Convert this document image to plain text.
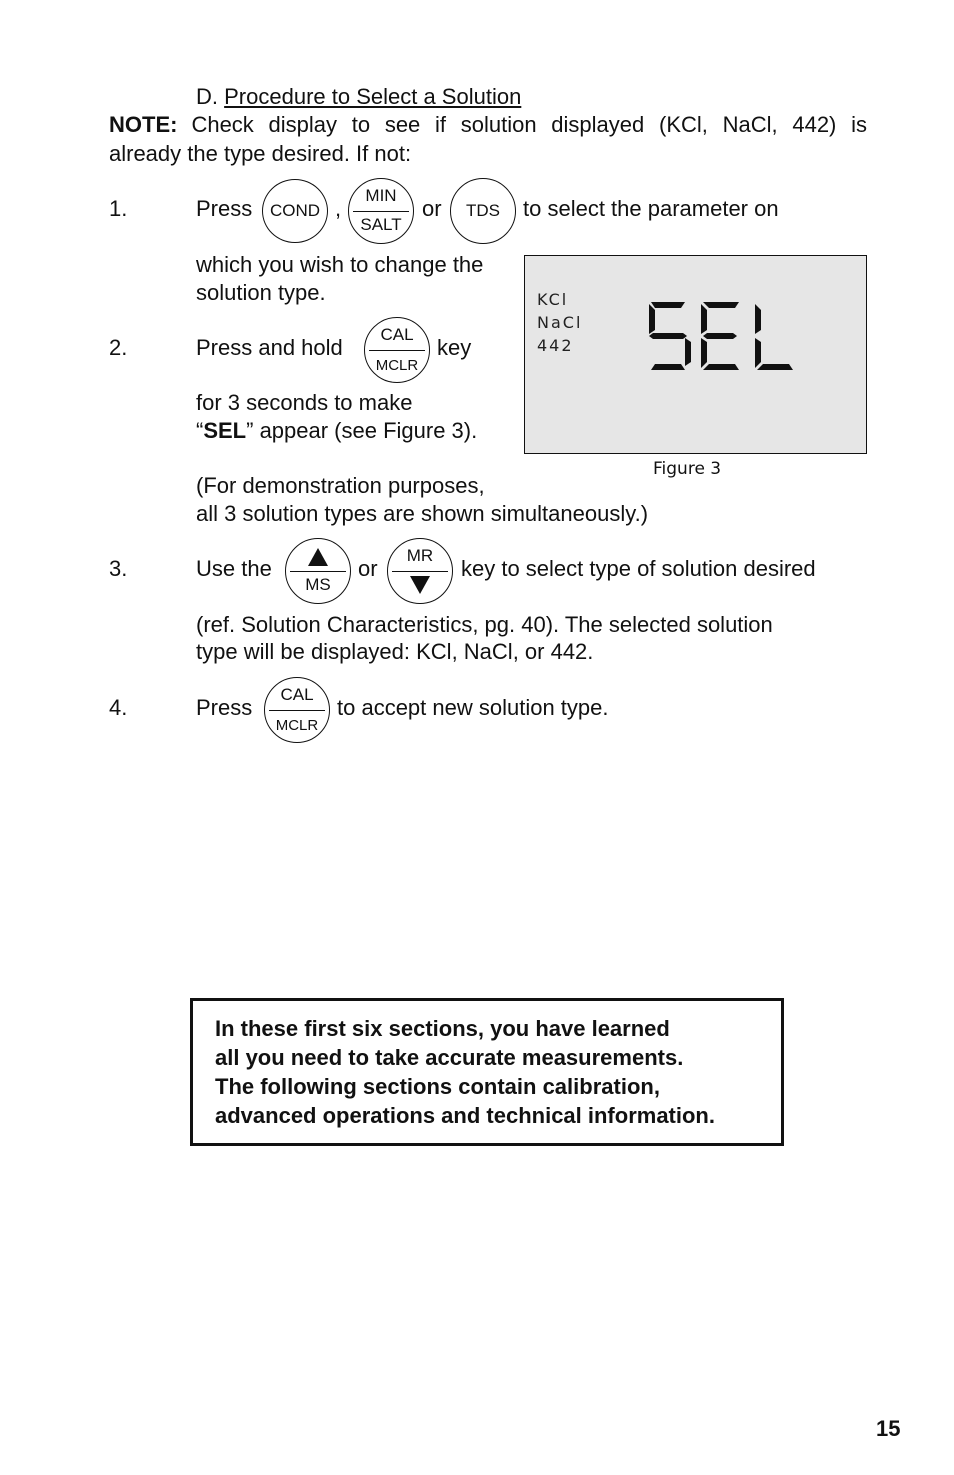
D. Procedure to Select a Solution
NOTE: Check display to see if solution displayed (KCl, NaCl, 442) is
already the type desired. If not:
1.	Press	COND ,
MIN
SALT
or	TDS	to select the parameter on
which you wish to change the
solution type.
2.	Press and hold
CAL
MCLR
key
for 3 seconds to make
“SEL” appear (see Figure 3).
(For demonstration purposes,
all 3 solution types are shown simultaneously.)
KCl
NaCl
442
Figure 3
3.	Use the
MS
or
MR
key to select type of solution desired
(ref. Solution Characteristics, pg. 40). The selected solution
type will be displayed: KCl, NaCl, or 442.
4.	Press
CAL
MCLR
to accept new solution type.
In these first six sections, you have learned
all you need to take accurate measurements.
The following sections contain calibration,
advanced operations and technical information.
15
